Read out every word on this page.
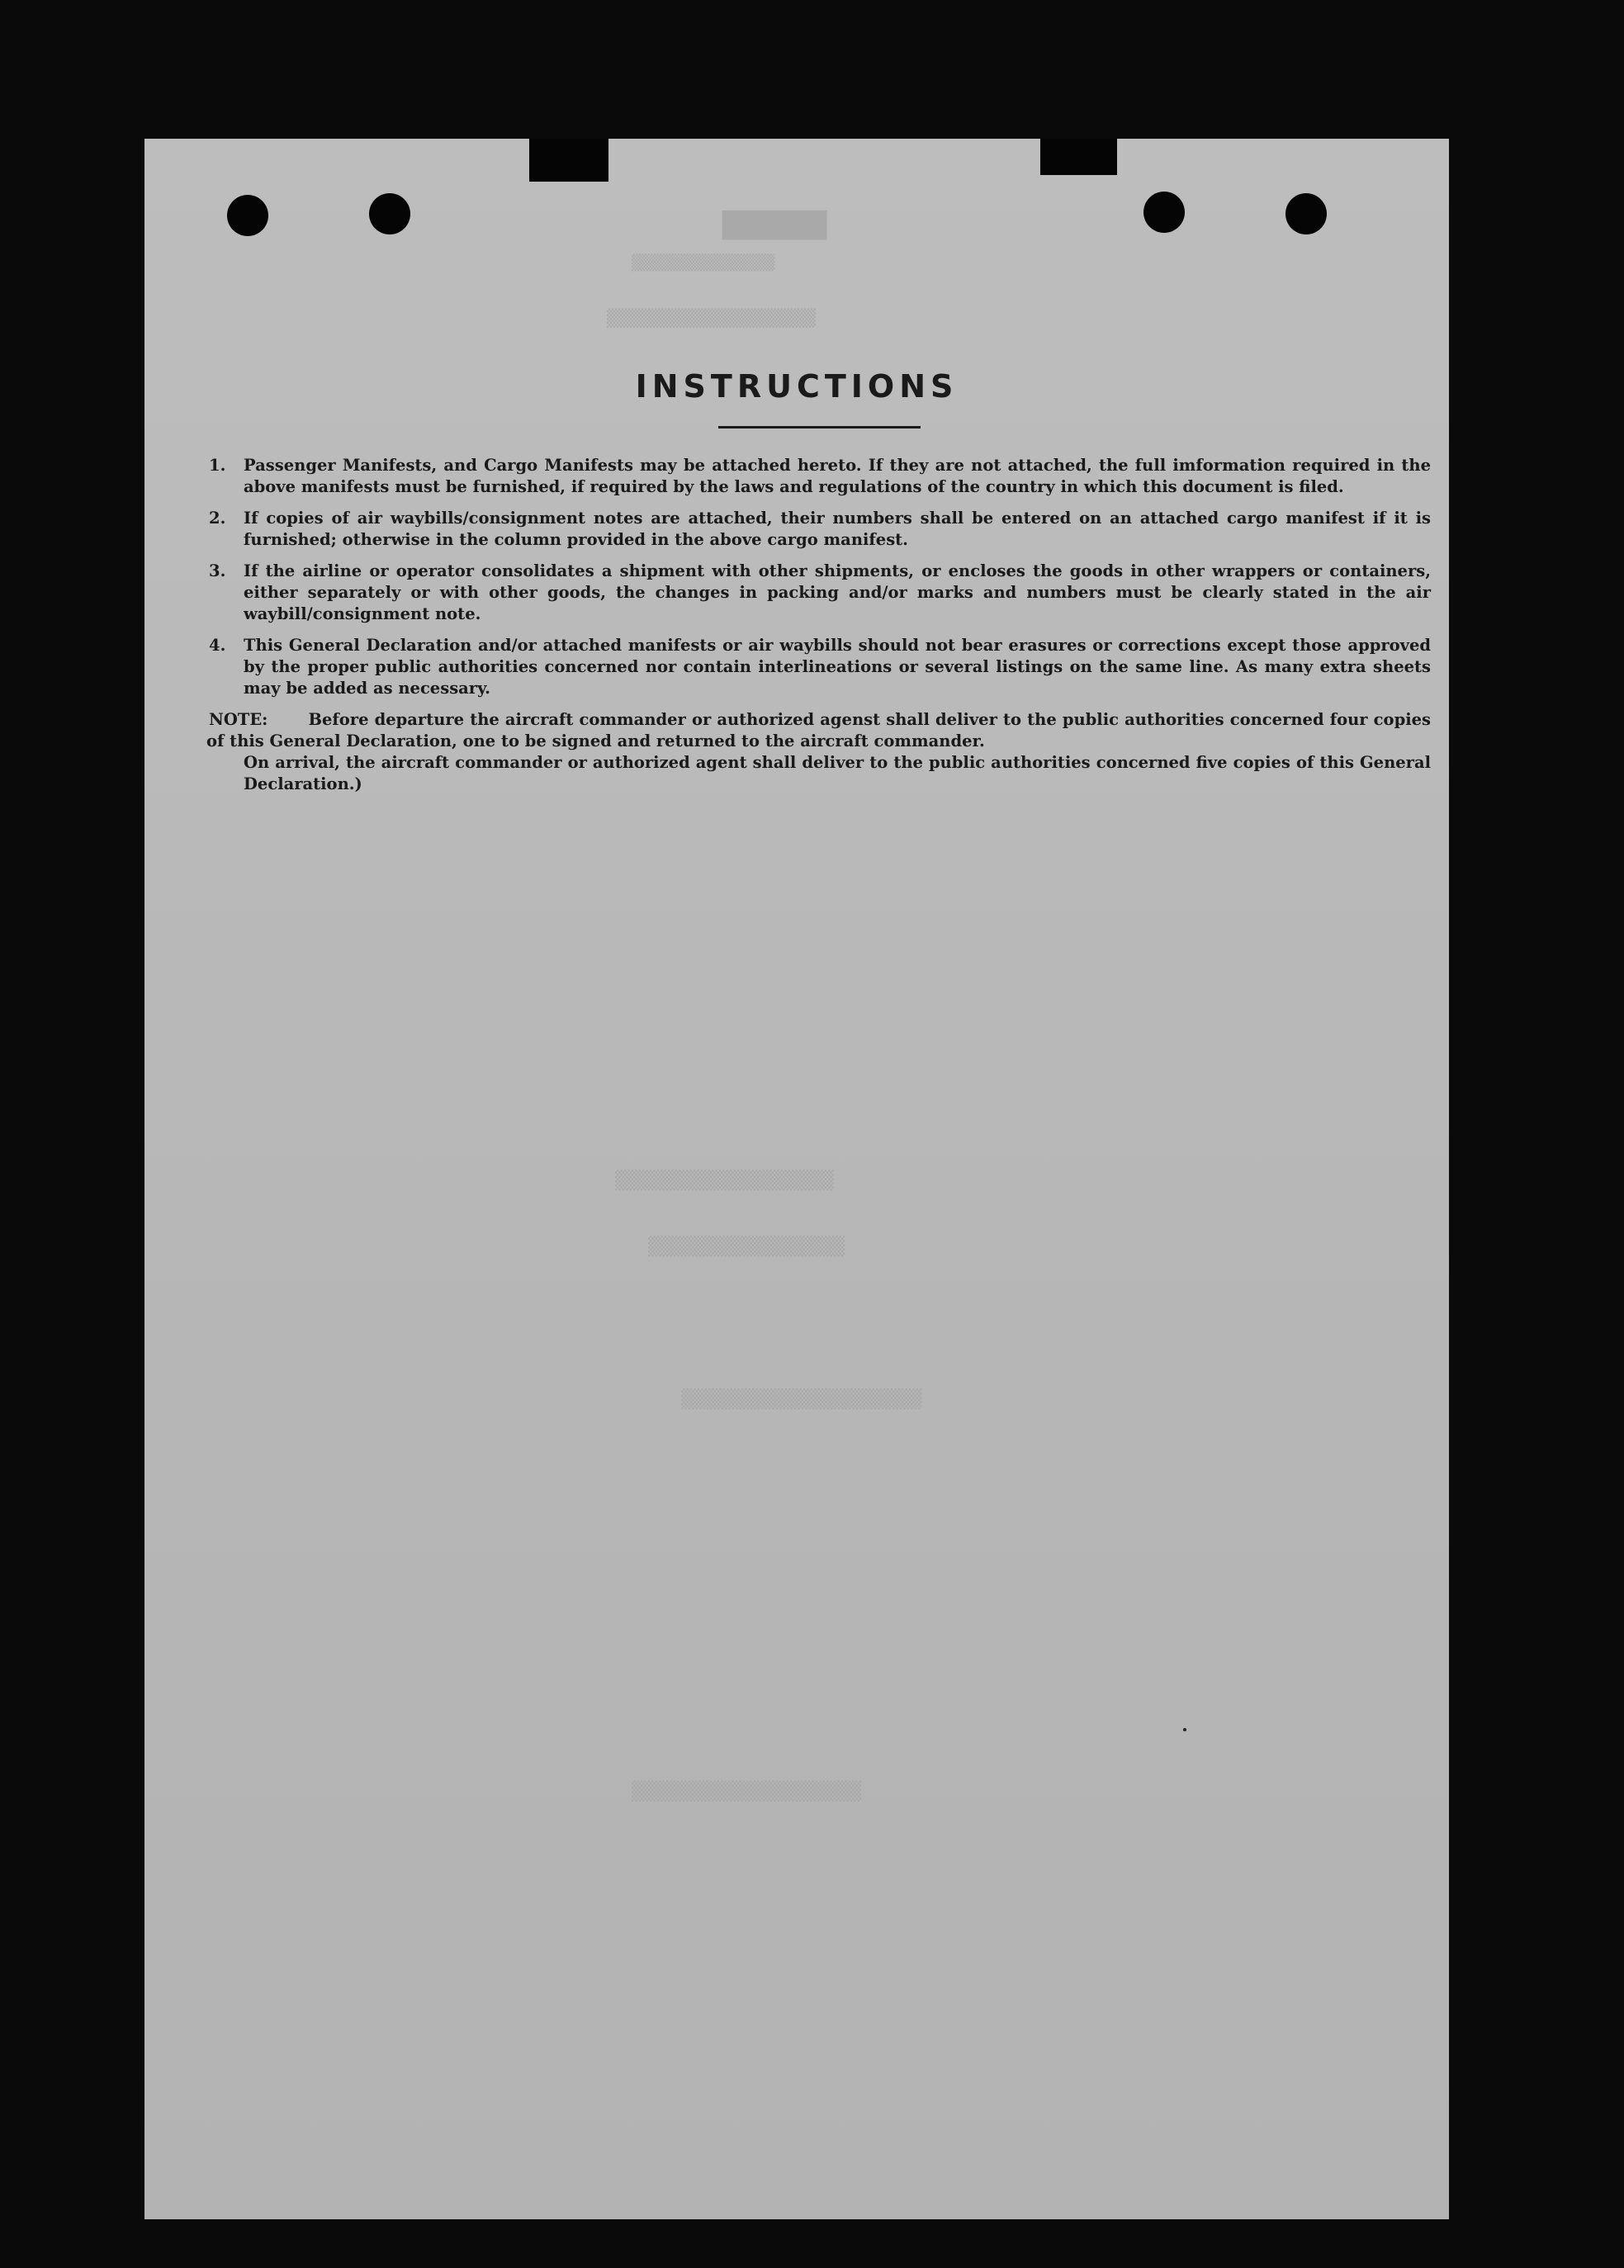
███████
▒▒▒▒▒▒▒▒▒▒▒▒▒▒▒▒
▒▒▒▒▒▒▒▒▒▒▒▒▒▒▒▒▒▒▒▒▒
▒▒▒▒▒▒▒▒▒▒▒▒▒▒▒▒▒▒▒▒
▒▒▒▒▒▒▒▒▒▒▒▒▒▒▒▒▒▒
▒▒▒▒▒▒▒▒▒▒▒▒▒▒▒▒▒▒▒▒▒▒
▒▒▒▒▒▒▒▒▒▒▒▒▒▒▒▒▒▒▒▒▒
INSTRUCTIONS
1. Passenger Manifests, and Cargo Manifests may be attached hereto. If they are not attached, the full imformation required in the above manifests must be furnished, if required by the laws and regulations of the country in which this document is filed.
2. If copies of air waybills/consignment notes are attached, their numbers shall be entered on an attached cargo manifest if it is furnished; otherwise in the column provided in the above cargo manifest.
3. If the airline or operator consolidates a shipment with other shipments, or encloses the goods in other wrappers or containers, either separately or with other goods, the changes in packing and/or marks and numbers must be clearly stated in the air waybill/consignment note.
4. This General Declaration and/or attached manifests or air waybills should not bear erasures or corrections except those approved by the proper public authorities concerned nor contain interlineations or several listings on the same line. As many extra sheets may be added as necessary.
NOTE:	Before departure the aircraft commander or authorized agenst shall deliver to the public authorities concerned four copies of this General Declaration, one to be signed and returned to the aircraft commander.
On arrival, the aircraft commander or authorized agent shall deliver to the public authorities concerned five copies of this General Declaration.)
